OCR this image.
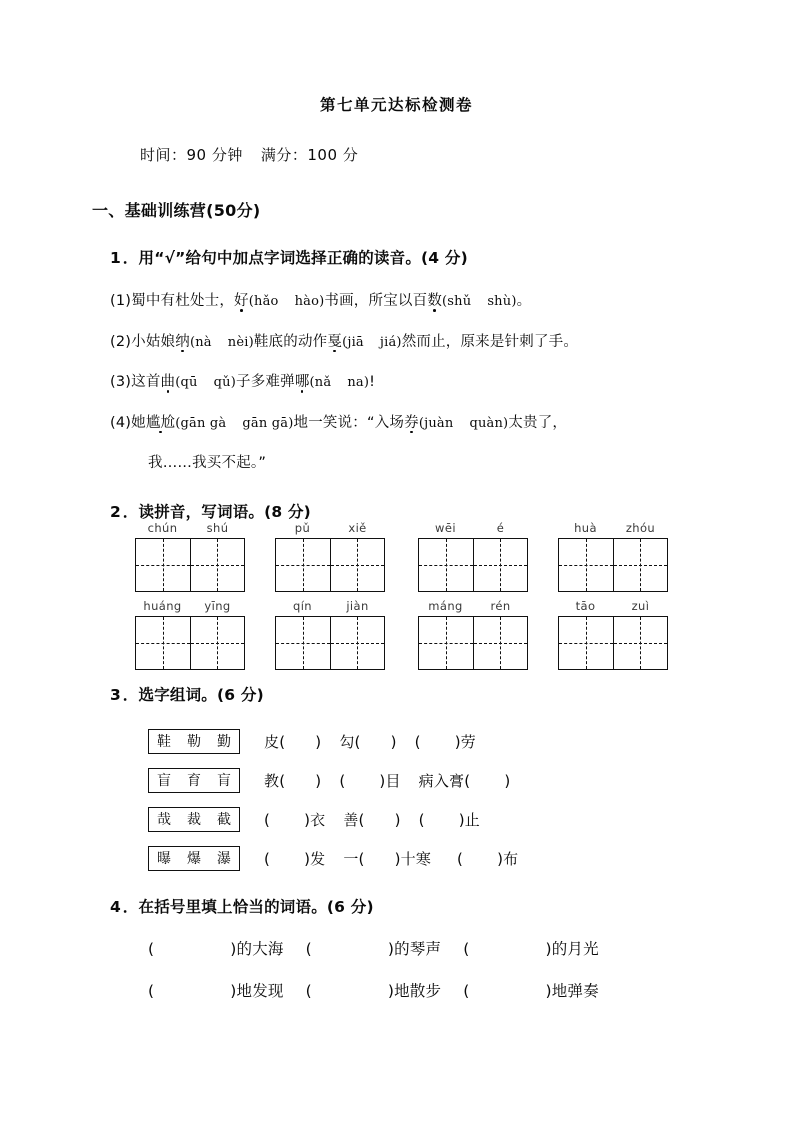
第七单元达标检测卷
时间：90 分钟 满分：100 分
一、基础训练营(50分)
1．用“√”给句中加点字词选择正确的读音。(4 分)
(1)蜀中有杜处士，好(hǎo hào)书画，所宝以百数(shǔ shù)。
(2)小姑娘纳(nà nèi)鞋底的动作戛(jiā jiá)然而止，原来是针刺了手。
(3)这首曲(qū qǔ)子多难弹哪(nǎ na)!
(4)她尴尬(gān gà gān gā)地一笑说：“入场券(juàn quàn)太贵了，
我……我买不起。”
2．读拼音，写词语。(8 分)
chún	shú	pǔ	xiě	wēi	é	huà	zhóu
huáng	yīng	qín	jiàn	máng	rén	tāo	zuì
3．选字组词。(6 分)
鞋	勒	勤	皮( ) 勾( ) ( )劳
盲	育	肓	教( ) ( )目 病入膏( )
哉	裁	截	( )衣 善( ) ( )止
曝	爆	瀑	( )发 一( )十寒 ( )布
4．在括号里填上恰当的词语。(6 分)
(	)的大海 (	)的琴声 (	)的月光
(	)地发现 (	)地散步 (	)地弹奏
